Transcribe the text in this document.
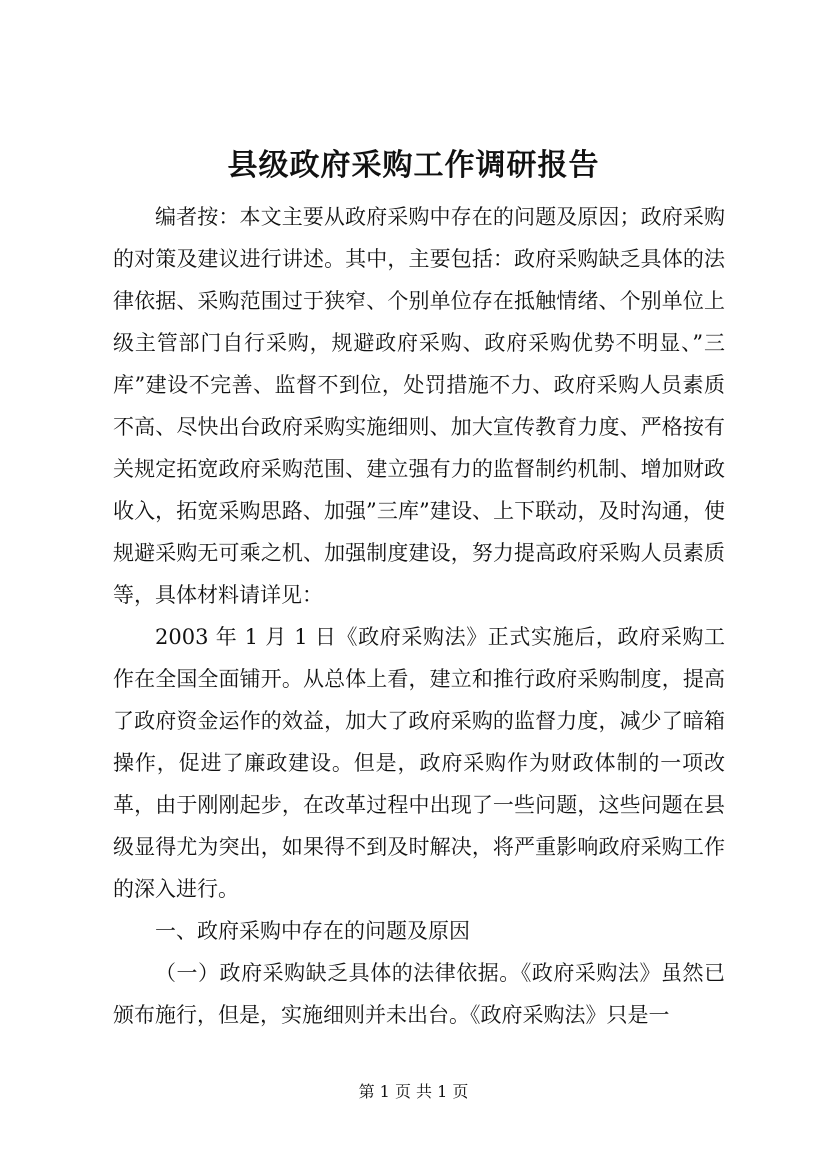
县级政府采购工作调研报告

编者按：本文主要从政府采购中存在的问题及原因；政府采购的对策及建议进行讲述。其中，主要包括：政府采购缺乏具体的法律依据、采购范围过于狭窄、个别单位存在抵触情绪、个别单位上级主管部门自行采购，规避政府采购、政府采购优势不明显、”三库”建设不完善、监督不到位，处罚措施不力、政府采购人员素质不高、尽快出台政府采购实施细则、加大宣传教育力度、严格按有关规定拓宽政府采购范围、建立强有力的监督制约机制、增加财政收入，拓宽采购思路、加强”三库”建设、上下联动，及时沟通，使规避采购无可乘之机、加强制度建设，努力提高政府采购人员素质等，具体材料请详见：

2003 年 1 月 1 日《政府采购法》正式实施后，政府采购工作在全国全面铺开。从总体上看，建立和推行政府采购制度，提高了政府资金运作的效益，加大了政府采购的监督力度，减少了暗箱操作，促进了廉政建设。但是，政府采购作为财政体制的一项改革，由于刚刚起步，在改革过程中出现了一些问题，这些问题在县级显得尤为突出，如果得不到及时解决，将严重影响政府采购工作的深入进行。

一、政府采购中存在的问题及原因

（一）政府采购缺乏具体的法律依据。《政府采购法》虽然已颁布施行，但是，实施细则并未出台。《政府采购法》只是一

第 1 页 共 1 页
